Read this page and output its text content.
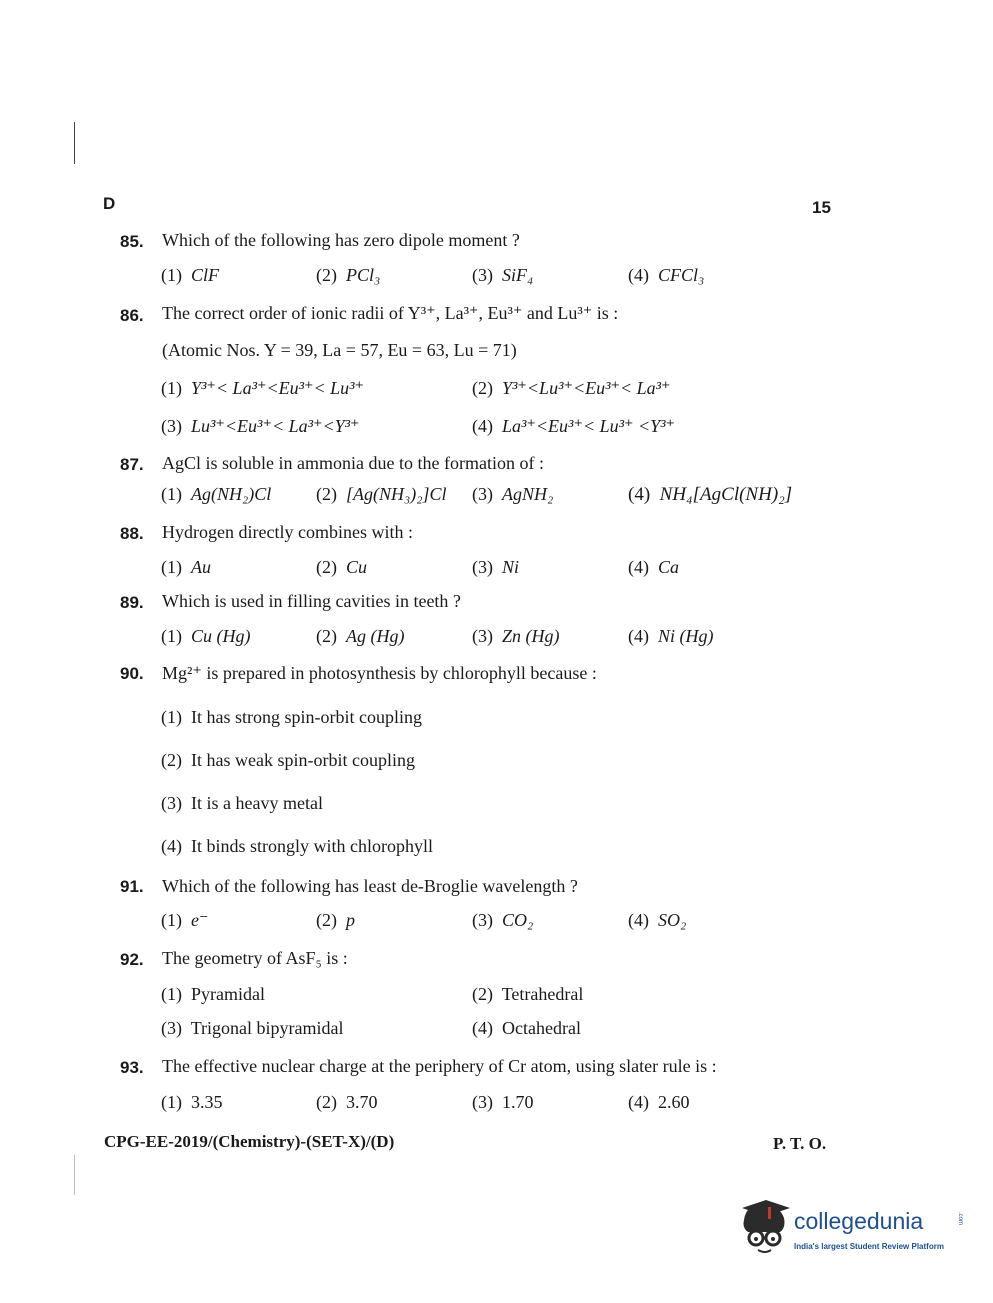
D	15
85. Which of the following has zero dipole moment ?
(1) ClF	(2) PCl₃	(3) SiF₄	(4) CFCl₃
86. The correct order of ionic radii of Y³⁺, La³⁺, Eu³⁺ and Lu³⁺ is :
(Atomic Nos. Y = 39, La = 57, Eu = 63, Lu = 71)
(1) Y³⁺< La³⁺<Eu³⁺< Lu³⁺	(2) Y³⁺<Lu³⁺<Eu³⁺< La³⁺
(3) Lu³⁺<Eu³⁺< La³⁺<Y³⁺	(4) La³⁺<Eu³⁺< Lu³⁺ <Y³⁺
87. AgCl is soluble in ammonia due to the formation of :
(1) Ag(NH₂)Cl (2) [Ag(NH₃)₂]Cl (3) AgNH₂	(4) NH₄[AgCl(NH)₂]
88. Hydrogen directly combines with :
(1) Au	(2) Cu	(3) Ni	(4) Ca
89. Which is used in filling cavities in teeth ?
(1) Cu (Hg)	(2) Ag (Hg)	(3) Zn (Hg)	(4) Ni (Hg)
90. Mg²⁺ is prepared in photosynthesis by chlorophyll because :
(1) It has strong spin-orbit coupling
(2) It has weak spin-orbit coupling
(3) It is a heavy metal
(4) It binds strongly with chlorophyll
91. Which of the following has least de-Broglie wavelength ?
(1) e⁻	(2) p	(3) CO₂	(4) SO₂
92. The geometry of AsF₅ is :
(1) Pyramidal	(2) Tetrahedral
(3) Trigonal bipyramidal	(4) Octahedral
93. The effective nuclear charge at the periphery of Cr atom, using slater rule is :
(1) 3.35	(2) 3.70	(3) 1.70	(4) 2.60
CPG-EE-2019/(Chemistry)-(SET-X)/(D)	P. T. O.
collegedunia	.com
India's largest Student Review Platform
